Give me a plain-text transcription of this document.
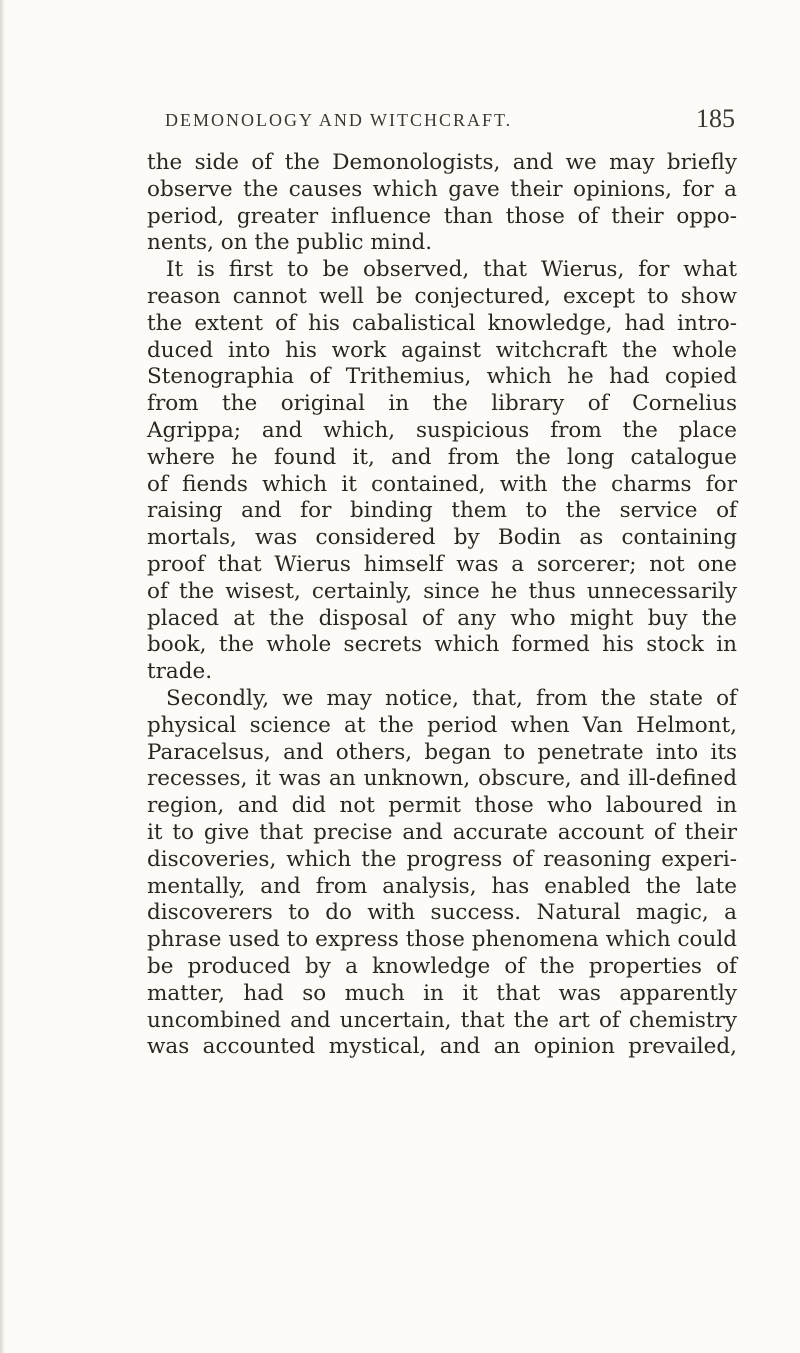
DEMONOLOGY AND WITCHCRAFT.	185
the side of the Demonologists, and we may briefly
observe the causes which gave their opinions, for a
period, greater influence than those of their oppo-
nents, on the public mind.
It is first to be observed, that Wierus, for what
reason cannot well be conjectured, except to show
the extent of his cabalistical knowledge, had intro-
duced into his work against witchcraft the whole
Stenographia of Trithemius, which he had copied
from the original in the library of Cornelius
Agrippa; and which, suspicious from the place
where he found it, and from the long catalogue
of fiends which it contained, with the charms for
raising and for binding them to the service of
mortals, was considered by Bodin as containing
proof that Wierus himself was a sorcerer; not one
of the wisest, certainly, since he thus unnecessarily
placed at the disposal of any who might buy the
book, the whole secrets which formed his stock in
trade.
Secondly, we may notice, that, from the state of
physical science at the period when Van Helmont,
Paracelsus, and others, began to penetrate into its
recesses, it was an unknown, obscure, and ill-defined
region, and did not permit those who laboured in
it to give that precise and accurate account of their
discoveries, which the progress of reasoning experi-
mentally, and from analysis, has enabled the late
discoverers to do with success. Natural magic, a
phrase used to express those phenomena which could
be produced by a knowledge of the properties of
matter, had so much in it that was apparently
uncombined and uncertain, that the art of chemistry
was accounted mystical, and an opinion prevailed,
